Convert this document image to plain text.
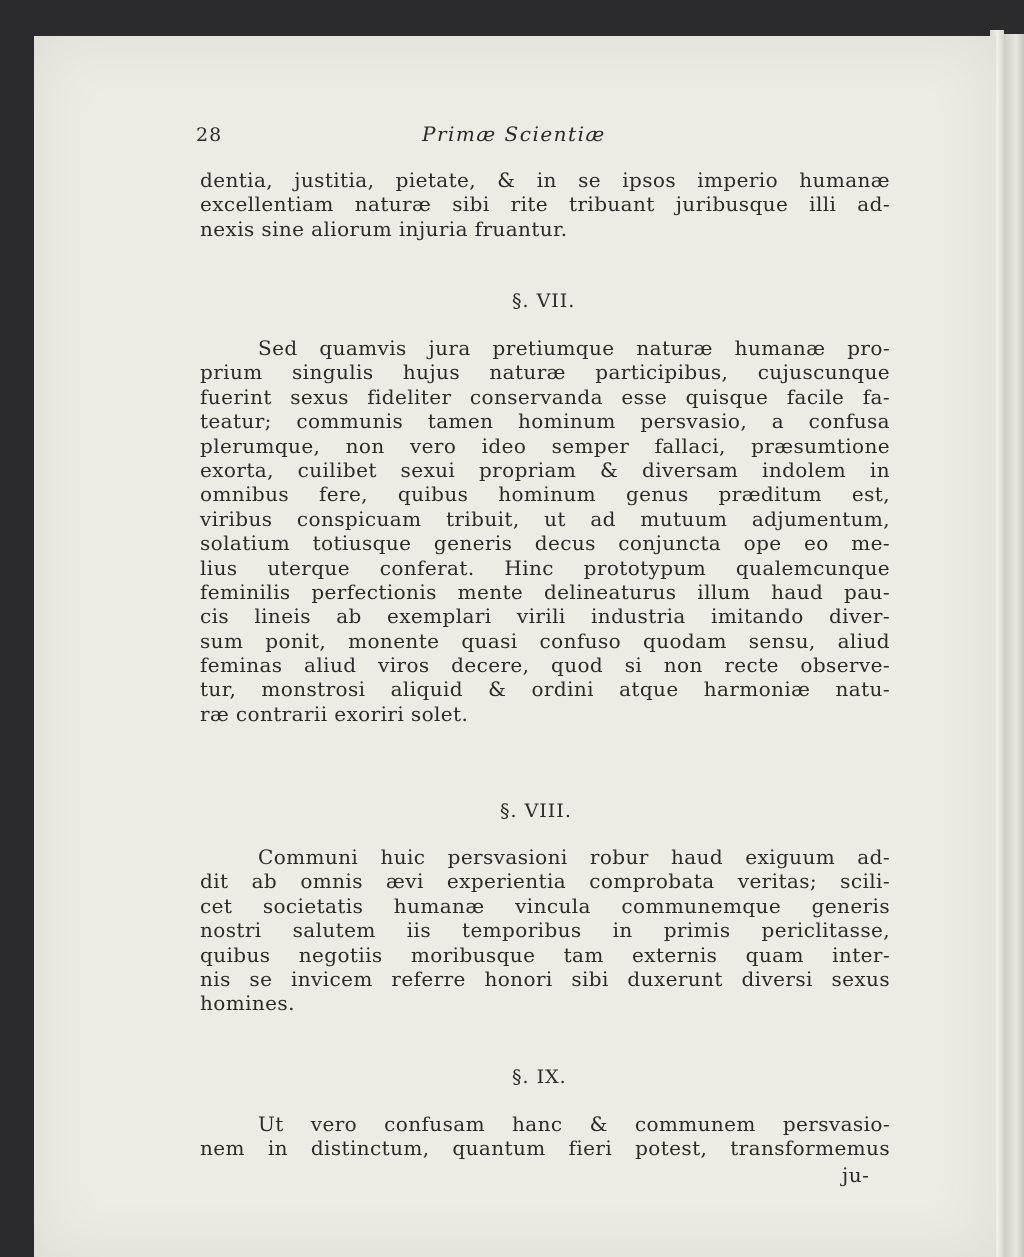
28	Primæ Scientiæ
dentia, justitia, pietate, & in se ipsos imperio humanæ
excellentiam naturæ sibi rite tribuant juribusque illi ad-
nexis sine aliorum injuria fruantur.
§. VII.
Sed quamvis jura pretiumque naturæ humanæ pro-
prium singulis hujus naturæ participibus, cujuscunque
fuerint sexus fideliter conservanda esse quisque facile fa-
teatur; communis tamen hominum persvasio, a confusa
plerumque, non vero ideo semper fallaci, præsumtione
exorta, cuilibet sexui propriam & diversam indolem in
omnibus fere, quibus hominum genus præditum est,
viribus conspicuam tribuit, ut ad mutuum adjumentum,
solatium totiusque generis decus conjuncta ope eo me-
lius uterque conferat. Hinc prototypum qualemcunque
feminilis perfectionis mente delineaturus illum haud pau-
cis lineis ab exemplari virili industria imitando diver-
sum ponit, monente quasi confuso quodam sensu, aliud
feminas aliud viros decere, quod si non recte observe-
tur, monstrosi aliquid & ordini atque harmoniæ natu-
ræ contrarii exoriri solet.
§. VIII.
Communi huic persvasioni robur haud exiguum ad-
dit ab omnis ævi experientia comprobata veritas; scili-
cet societatis humanæ vincula communemque generis
nostri salutem iis temporibus in primis periclitasse,
quibus negotiis moribusque tam externis quam inter-
nis se invicem referre honori sibi duxerunt diversi sexus
homines.
§. IX.
Ut vero confusam hanc & communem persvasio-
nem in distinctum, quantum fieri potest, transformemus
ju-
